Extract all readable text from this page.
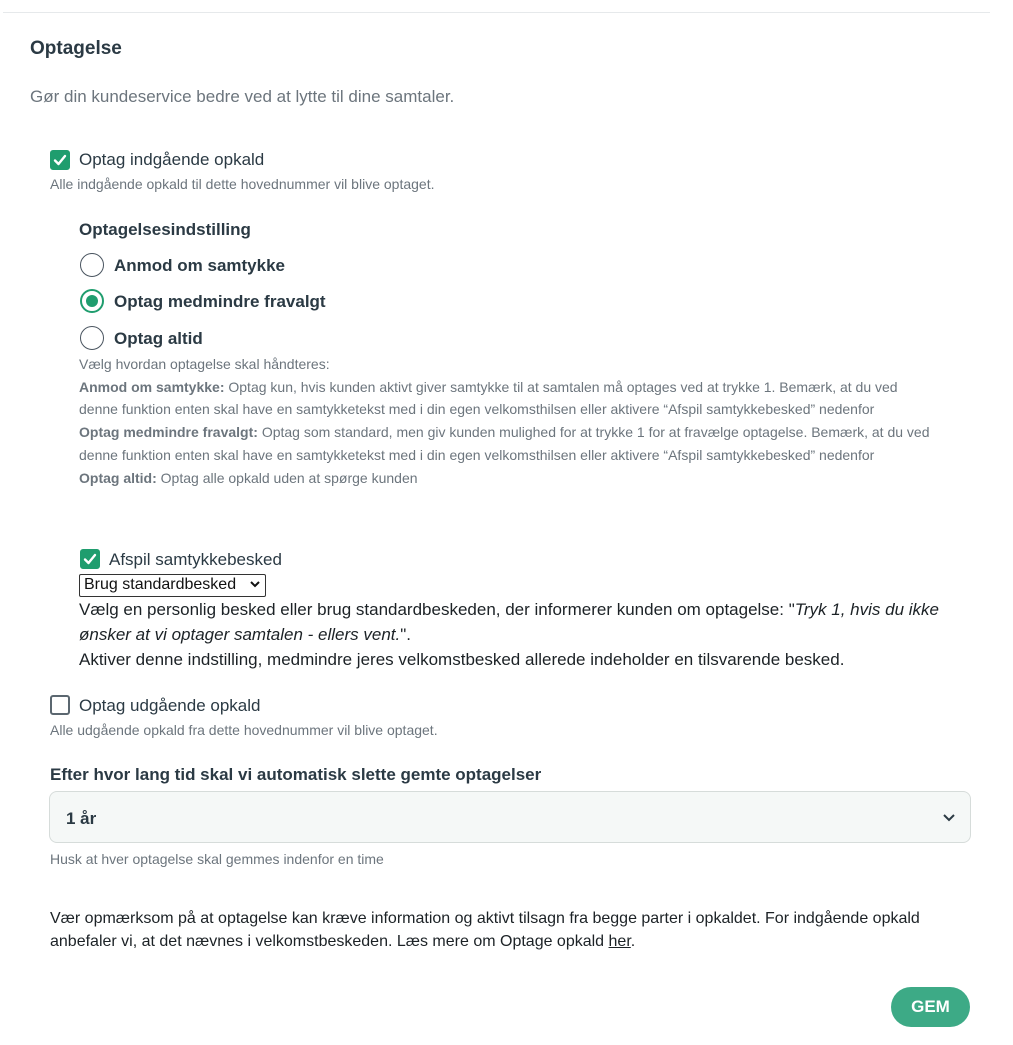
Optagelse
Gør din kundeservice bedre ved at lytte til dine samtaler.
Optag indgående opkald
Alle indgående opkald til dette hovednummer vil blive optaget.
Optagelsesindstilling
Anmod om samtykke
Optag medmindre fravalgt
Optag altid
Vælg hvordan optagelse skal håndteres:
Anmod om samtykke: Optag kun, hvis kunden aktivt giver samtykke til at samtalen må optages ved at trykke 1. Bemærk, at du ved denne funktion enten skal have en samtykketekst med i din egen velkomsthilsen eller aktivere “Afspil samtykkebesked” nedenfor
Optag medmindre fravalgt: Optag som standard, men giv kunden mulighed for at trykke 1 for at fravælge optagelse. Bemærk, at du ved denne funktion enten skal have en samtykketekst med i din egen velkomsthilsen eller aktivere “Afspil samtykkebesked” nedenfor
Optag altid: Optag alle opkald uden at spørge kunden
Afspil samtykkebesked
Brug standardbesked
Vælg en personlig besked eller brug standardbeskeden, der informerer kunden om optagelse: "Tryk 1, hvis du ikke ønsker at vi optager samtalen - ellers vent.".
Aktiver denne indstilling, medmindre jeres velkomstbesked allerede indeholder en tilsvarende besked.
Optag udgående opkald
Alle udgående opkald fra dette hovednummer vil blive optaget.
Efter hvor lang tid skal vi automatisk slette gemte optagelser
1 år
Husk at hver optagelse skal gemmes indenfor en time
Vær opmærksom på at optagelse kan kræve information og aktivt tilsagn fra begge parter i opkaldet. For indgående opkald anbefaler vi, at det nævnes i velkomstbeskeden. Læs mere om Optage opkald her.
GEM
